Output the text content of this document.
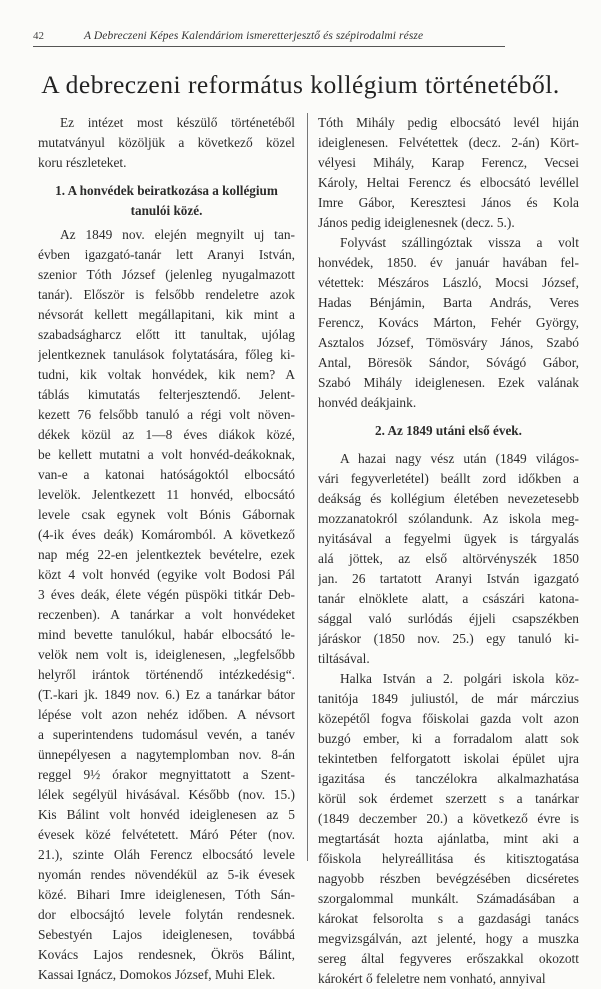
42	A Debreczeni Képes Kalendáriom ismeretterjesztő és szépirodalmi része
A debreczeni református kollégium történetéből.
Ez intézet most készülő történetéből
mutatványul közöljük a következő közel
koru részleteket.
1. A honvédek beiratkozása a kollégium
tanulói közé.
Az 1849 nov. elején megnyilt uj tan-
évben igazgató-tanár lett Aranyi István,
szenior Tóth József (jelenleg nyugalmazott
tanár). Először is felsőbb rendeletre azok
névsorát kellett megállapitani, kik mint a
szabadságharcz előtt itt tanultak, ujólag
jelentkeznek tanulások folytatására, főleg ki-
tudni, kik voltak honvédek, kik nem? A
táblás kimutatás felterjesztendő. Jelent-
kezett 76 felsőbb tanuló a régi volt növen-
dékek közül az 1—8 éves diákok közé,
be kellett mutatni a volt honvéd-deákoknak,
van-e a katonai hatóságoktól elbocsátó
levelök. Jelentkezett 11 honvéd, elbocsátó
levele csak egynek volt Bónis Gábornak
(4-ik éves deák) Komáromból. A következő
nap még 22-en jelentkeztek bevételre, ezek
közt 4 volt honvéd (egyike volt Bodosi Pál
3 éves deák, élete végén püspöki titkár Deb-
reczenben). A tanárkar a volt honvédeket
mind bevette tanulókul, habár elbocsátó le-
velök nem volt is, ideiglenesen, „legfelsőbb
helyről irántok történendő intézkedésig“.
(T.-kari jk. 1849 nov. 6.) Ez a tanárkar bátor
lépése volt azon nehéz időben. A névsort
a superintendens tudomásul vevén, a tanév
ünnepélyesen a nagytemplomban nov. 8-án
reggel 9½ órakor megnyittatott a Szent-
lélek segélyül hivásával. Később (nov. 15.)
Kis Bálint volt honvéd ideiglenesen az 5
évesek közé felvétetett. Máró Péter (nov.
21.), szinte Oláh Ferencz elbocsátó levele
nyomán rendes növendékül az 5-ik évesek
közé. Bihari Imre ideiglenesen, Tóth Sán-
dor elbocsájtó levele folytán rendesnek.
Sebestyén Lajos ideiglenesen, továbbá
Kovács Lajos rendesnek, Ökrös Bálint,
Kassai Ignácz, Domokos József, Muhi Elek.
Tóth Mihály pedig elbocsátó levél hiján
ideiglenesen. Felvétettek (decz. 2-án) Kört-
vélyesi Mihály, Karap Ferencz, Vecsei
Károly, Heltai Ferencz és elbocsátó levéllel
Imre Gábor, Keresztesi János és Kola
János pedig ideiglenesnek (decz. 5.).
Folyvást szállingóztak vissza a volt
honvédek, 1850. év január havában fel-
vétettek: Mészáros László, Mocsi József,
Hadas Bénjámin, Barta András, Veres
Ferencz, Kovács Márton, Fehér György,
Asztalos József, Tömösváry János, Szabó
Antal, Böresök Sándor, Sóvágó Gábor,
Szabó Mihály ideiglenesen. Ezek valának
honvéd deákjaink.
2. Az 1849 utáni első évek.
A hazai nagy vész után (1849 világos-
vári fegyverletétel) beállt zord időkben a
deákság és kollégium életében nevezetesebb
mozzanatokról szólandunk. Az iskola meg-
nyitásával a fegyelmi ügyek is tárgyalás
alá jöttek, az első altörvényszék 1850
jan. 26 tartatott Aranyi István igazgató
tanár elnöklete alatt, a császári katona-
sággal való surlódás éjjeli csapszékben
járáskor (1850 nov. 25.) egy tanuló ki-
tiltásával.
Halka István a 2. polgári iskola köz-
tanitója 1849 juliustól, de már márczius
közepétől fogva főiskolai gazda volt azon
buzgó ember, ki a forradalom alatt sok
tekintetben felforgatott iskolai épület ujra
igazitása és tanczélokra alkalmazhatása
körül sok érdemet szerzett s a tanárkar
(1849 deczember 20.) a következő évre is
megtartását hozta ajánlatba, mint aki a
főiskola helyreállitása és kitisztogatása
nagyobb részben bevégzésében dicséretes
szorgalommal munkált. Számadásában a
károkat felsorolta s a gazdasági tanács
megvizsgálván, azt jelenté, hogy a muszka
sereg által fegyveres erőszakkal okozott
károkért ő feleletre nem vonható, annyival
